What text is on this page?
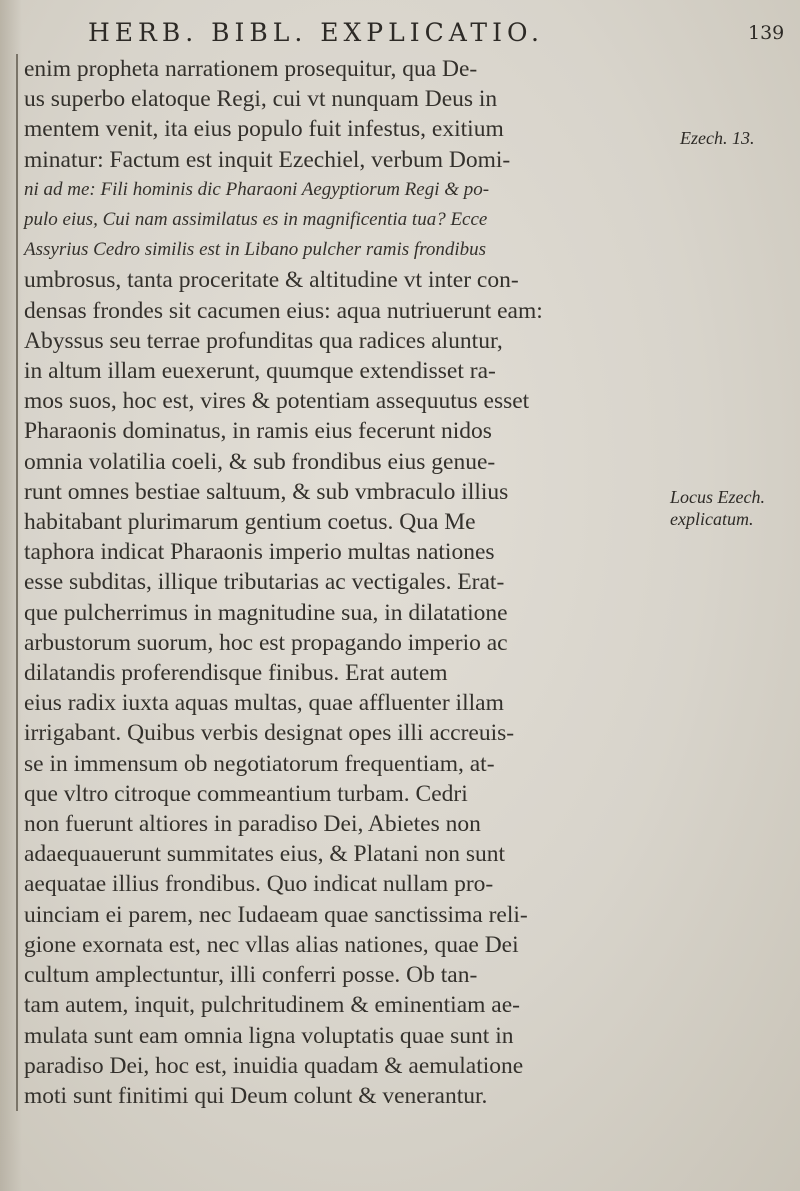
HERB. BIBL. EXPLICATIO.	139
enim propheta narrationem prosequitur, qua De-
us superbo elatoque Regi, cui vt nunquam Deus in
mentem venit, ita eius populo fuit infestus, exitium
minatur: Factum est inquit Ezechiel, verbum Domi-
ni ad me: Fili hominis dic Pharaoni Aegyptiorum Regi & po-
pulo eius, Cui nam assimilatus es in magnificentia tua? Ecce
Assyrius Cedro similis est in Libano pulcher ramis frondibus
umbrosus, tanta proceritate & altitudine vt inter con-
densas frondes sit cacumen eius: aqua nutriuerunt eam:
Abyssus seu terrae profunditas qua radices aluntur,
in altum illam euexerunt, quumque extendisset ra-
mos suos, hoc est, vires & potentiam assequutus esset
Pharaonis dominatus, in ramis eius fecerunt nidos
omnia volatilia coeli, & sub frondibus eius genue-
runt omnes bestiae saltuum, & sub vmbraculo illius
habitabant plurimarum gentium coetus. Qua Me
taphora indicat Pharaonis imperio multas nationes
esse subditas, illique tributarias ac vectigales. Erat-
que pulcherrimus in magnitudine sua, in dilatatione
arbustorum suorum, hoc est propagando imperio ac
dilatandis proferendisque finibus. Erat autem
eius radix iuxta aquas multas, quae affluenter illam
irrigabant. Quibus verbis designat opes illi accreuis-
se in immensum ob negotiatorum frequentiam, at-
que vltro citroque commeantium turbam. Cedri
non fuerunt altiores in paradiso Dei, Abietes non
adaequauerunt summitates eius, & Platani non sunt
aequatae illius frondibus. Quo indicat nullam pro-
uinciam ei parem, nec Iudaeam quae sanctissima reli-
gione exornata est, nec vllas alias nationes, quae Dei
cultum amplectuntur, illi conferri posse. Ob tan-
tam autem, inquit, pulchritudinem & eminentiam ae-
mulata sunt eam omnia ligna voluptatis quae sunt in
paradiso Dei, hoc est, inuidia quadam & aemulatione
moti sunt finitimi qui Deum colunt & venerantur.
Ezech. 13.
Locus Ezech.
explicatum.
